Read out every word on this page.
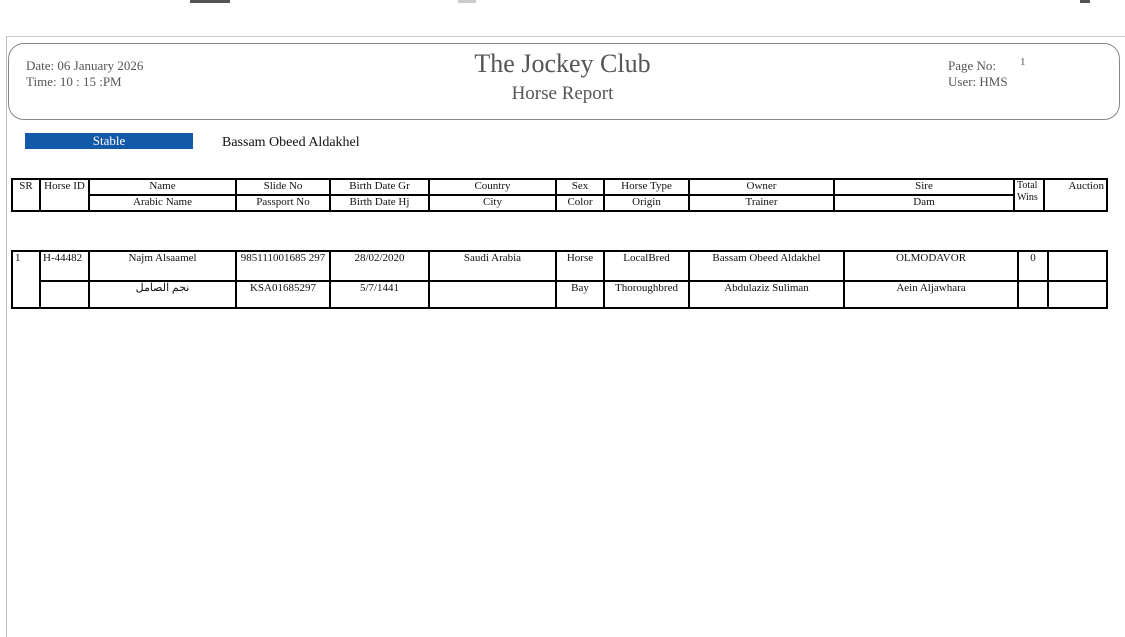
Date: 06 January 2026
Time: 10 : 15 :PM
The Jockey Club
Horse Report
Page No: 1
User: HMS
Stable	Bassam Obeed Aldakhel
SR	Horse ID	Name	Slide No	Birth Date Gr	Country	Sex	Horse Type	Owner	Sire	Total Wins	Auction
		Arabic Name	Passport No	Birth Date Hj	City	Color	Origin	Trainer	Dam		
1	H-44482	Najm Alsaamel	985111001685 297	28/02/2020	Saudi Arabia	Horse	LocalBred	Bassam Obeed Aldakhel	OLMODAVOR	0	
		نجم الصامل	KSA01685297	5/7/1441		Bay	Thoroughbred	Abdulaziz Suliman	Aein Aljawhara		
